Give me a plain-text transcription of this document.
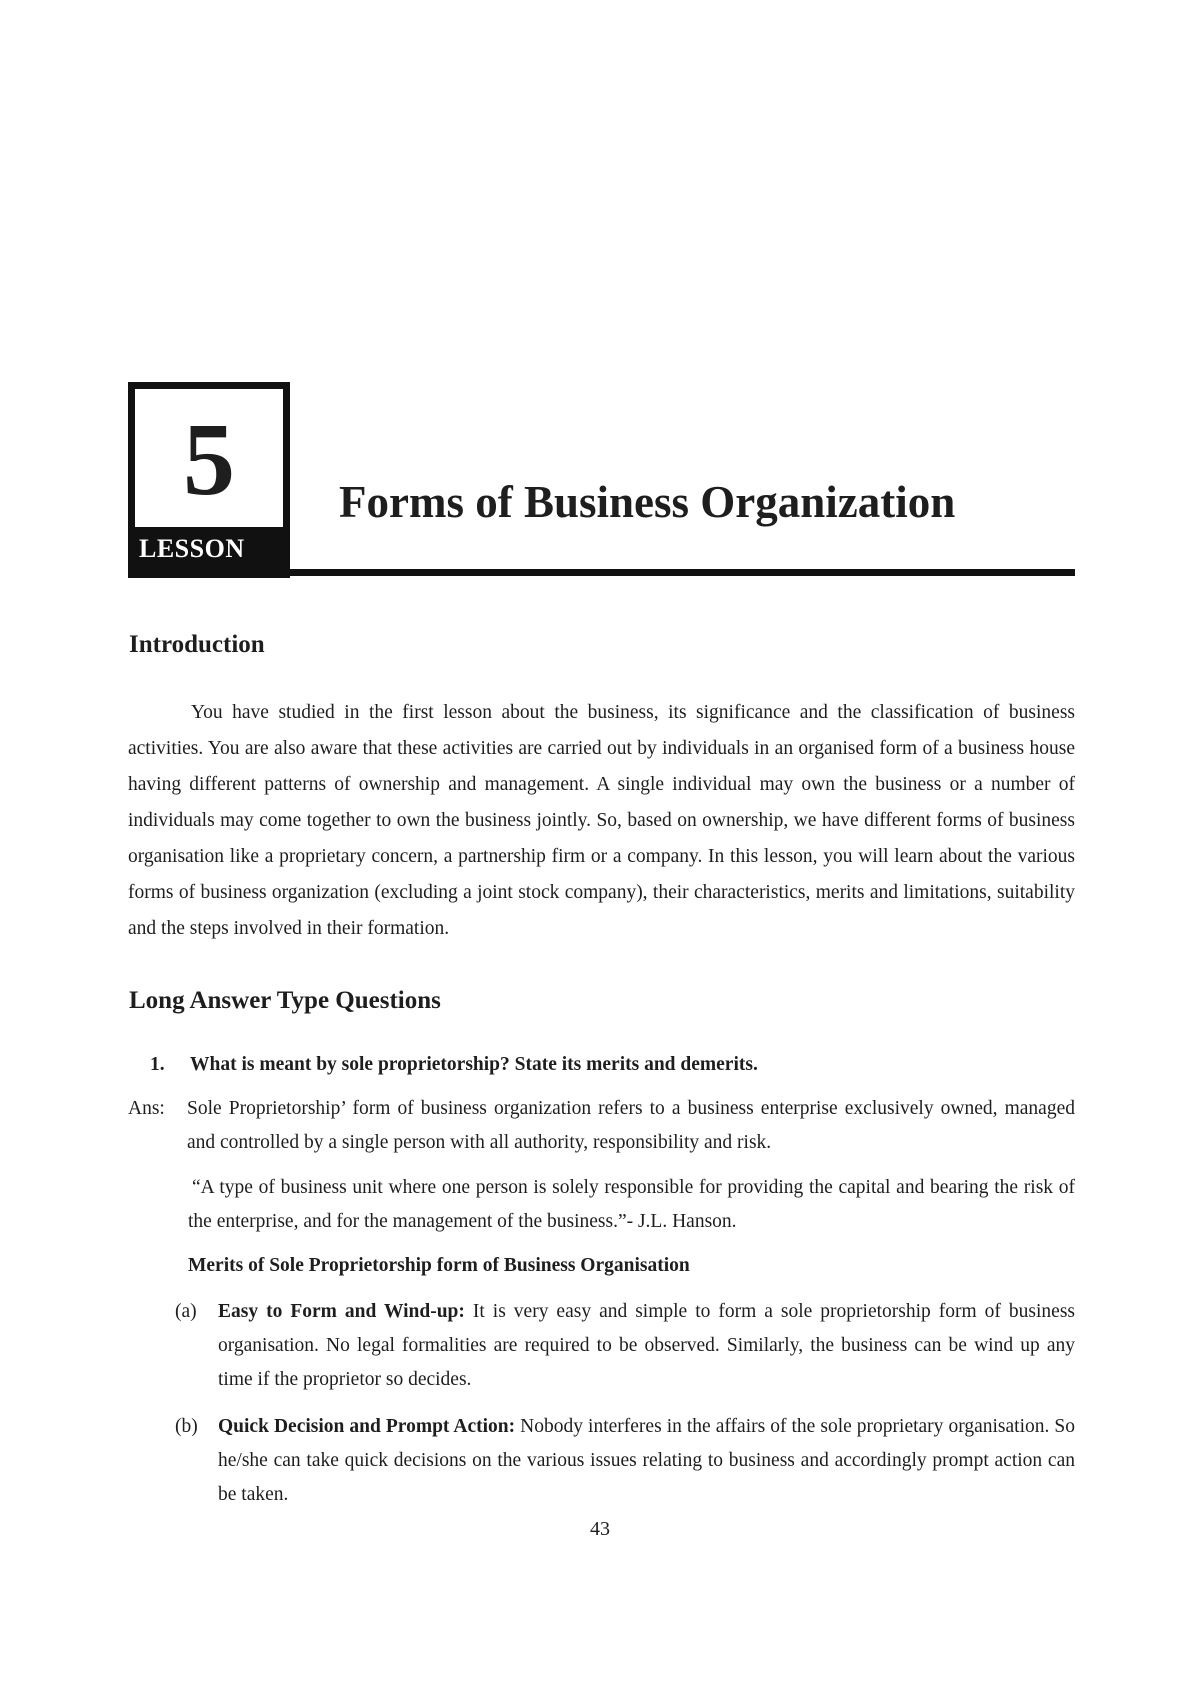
5
LESSON
Forms of Business Organization
Introduction
You have studied in the first lesson about the business, its significance and the classification of business activities. You are also aware that these activities are carried out by individuals in an organised form of a business house having different patterns of ownership and management. A single individual may own the business or a number of individuals may come together to own the business jointly. So, based on ownership, we have different forms of business organisation like a proprietary concern, a partnership firm or a company. In this lesson, you will learn about the various forms of business organization (excluding a joint stock company), their characteristics, merits and limitations, suitability and the steps involved in their formation.
Long Answer Type Questions
1. What is meant by sole proprietorship? State its merits and demerits.
Ans: Sole Proprietorship’ form of business organization refers to a business enterprise exclusively owned, managed and controlled by a single person with all authority, responsibility and risk.
“A type of business unit where one person is solely responsible for providing the capital and bearing the risk of the enterprise, and for the management of the business.”- J.L. Hanson.
Merits of Sole Proprietorship form of Business Organisation
(a) Easy to Form and Wind-up: It is very easy and simple to form a sole proprietorship form of business organisation. No legal formalities are required to be observed. Similarly, the business can be wind up any time if the proprietor so decides.
(b) Quick Decision and Prompt Action: Nobody interferes in the affairs of the sole proprietary organisation. So he/she can take quick decisions on the various issues relating to business and accordingly prompt action can be taken.
43
